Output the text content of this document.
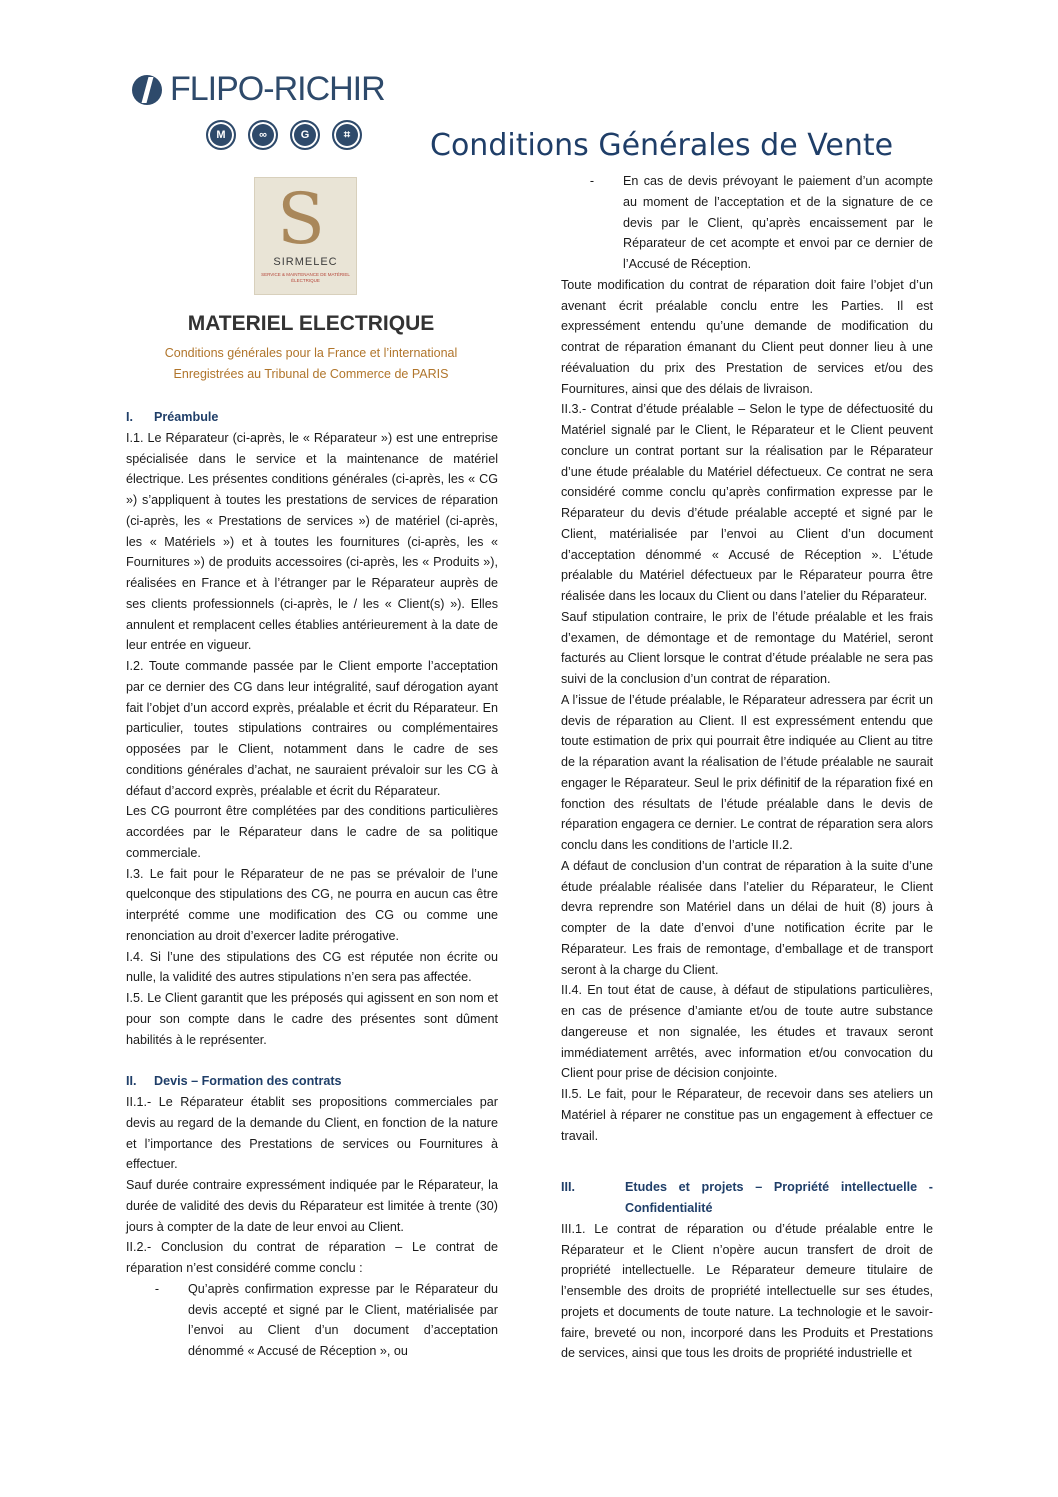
FLIPO-RICHIR
M	∞	G	⌗	Conditions Générales de Vente
S
SIRMELEC
SERVICE & MAINTENANCE DE MATÉRIEL ÉLECTRIQUE
MATERIEL ELECTRIQUE
Conditions générales pour la France et l’international
Enregistrées au Tribunal de Commerce de PARIS
I.	Préambule

I.1. Le Réparateur (ci-après, le « Réparateur ») est une entreprise spécialisée dans le service et la maintenance de matériel électrique. Les présentes conditions générales (ci-après, les « CG ») s’appliquent à toutes les prestations de services de réparation (ci-après, les « Prestations de services ») de matériel (ci-après, les « Matériels ») et à toutes les fournitures (ci-après, les « Fournitures ») de produits accessoires (ci-après, les « Produits »), réalisées en France et à l’étranger par le Réparateur auprès de ses clients professionnels (ci-après, le / les « Client(s) »). Elles annulent et remplacent celles établies antérieurement à la date de leur entrée en vigueur.

I.2. Toute commande passée par le Client emporte l’acceptation par ce dernier des CG dans leur intégralité, sauf dérogation ayant fait l’objet d’un accord exprès, préalable et écrit du Réparateur. En particulier, toutes stipulations contraires ou complémentaires opposées par le Client, notamment dans le cadre de ses conditions générales d’achat, ne sauraient prévaloir sur les CG à défaut d’accord exprès, préalable et écrit du Réparateur.

Les CG pourront être complétées par des conditions particulières accordées par le Réparateur dans le cadre de sa politique commerciale.

I.3. Le fait pour le Réparateur de ne pas se prévaloir de l’une quelconque des stipulations des CG, ne pourra en aucun cas être interprété comme une modification des CG ou comme une renonciation au droit d’exercer ladite prérogative.

I.4. Si l’une des stipulations des CG est réputée non écrite ou nulle, la validité des autres stipulations n’en sera pas affectée.

I.5. Le Client garantit que les préposés qui agissent en son nom et pour son compte dans le cadre des présentes sont dûment habilités à le représenter.

II.	Devis – Formation des contrats

II.1.- Le Réparateur établit ses propositions commerciales par devis au regard de la demande du Client, en fonction de la nature et l’importance des Prestations de services ou Fournitures à effectuer.

Sauf durée contraire expressément indiquée par le Réparateur, la durée de validité des devis du Réparateur est limitée à trente (30) jours à compter de la date de leur envoi au Client.

II.2.- Conclusion du contrat de réparation – Le contrat de réparation n’est considéré comme conclu :

-	Qu’après confirmation expresse par le Réparateur du devis accepté et signé par le Client, matérialisée par l’envoi au Client d’un document d’acceptation dénommé « Accusé de Réception », ou
-	En cas de devis prévoyant le paiement d’un acompte au moment de l’acceptation et de la signature de ce devis par le Client, qu’après encaissement par le Réparateur de cet acompte et envoi par ce dernier de l’Accusé de Réception.

Toute modification du contrat de réparation doit faire l’objet d’un avenant écrit préalable conclu entre les Parties. Il est expressément entendu qu’une demande de modification du contrat de réparation émanant du Client peut donner lieu à une réévaluation du prix des Prestation de services et/ou des Fournitures, ainsi que des délais de livraison.

II.3.- Contrat d’étude préalable – Selon le type de défectuosité du Matériel signalé par le Client, le Réparateur et le Client peuvent conclure un contrat portant sur la réalisation par le Réparateur d’une étude préalable du Matériel défectueux. Ce contrat ne sera considéré comme conclu qu’après confirmation expresse par le Réparateur du devis d’étude préalable accepté et signé par le Client, matérialisée par l’envoi au Client d’un document d’acceptation dénommé « Accusé de Réception ». L’étude préalable du Matériel défectueux par le Réparateur pourra être réalisée dans les locaux du Client ou dans l’atelier du Réparateur.

Sauf stipulation contraire, le prix de l’étude préalable et les frais d’examen, de démontage et de remontage du Matériel, seront facturés au Client lorsque le contrat d’étude préalable ne sera pas suivi de la conclusion d’un contrat de réparation.

A l’issue de l’étude préalable, le Réparateur adressera par écrit un devis de réparation au Client. Il est expressément entendu que toute estimation de prix qui pourrait être indiquée au Client au titre de la réparation avant la réalisation de l’étude préalable ne saurait engager le Réparateur. Seul le prix définitif de la réparation fixé en fonction des résultats de l’étude préalable dans le devis de réparation engagera ce dernier. Le contrat de réparation sera alors conclu dans les conditions de l’article II.2.

A défaut de conclusion d’un contrat de réparation à la suite d’une étude préalable réalisée dans l’atelier du Réparateur, le Client devra reprendre son Matériel dans un délai de huit (8) jours à compter de la date d’envoi d’une notification écrite par le Réparateur. Les frais de remontage, d’emballage et de transport seront à la charge du Client.

II.4. En tout état de cause, à défaut de stipulations particulières, en cas de présence d’amiante et/ou de toute autre substance dangereuse et non signalée, les études et travaux seront immédiatement arrêtés, avec information et/ou convocation du Client pour prise de décision conjointe.

II.5. Le fait, pour le Réparateur, de recevoir dans ses ateliers un Matériel à réparer ne constitue pas un engagement à effectuer ce travail.

III.	Etudes et projets – Propriété intellectuelle - Confidentialité

III.1. Le contrat de réparation ou d’étude préalable entre le Réparateur et le Client n’opère aucun transfert de droit de propriété intellectuelle. Le Réparateur demeure titulaire de l’ensemble des droits de propriété intellectuelle sur ses études, projets et documents de toute nature. La technologie et le savoir-faire, breveté ou non, incorporé dans les Produits et Prestations de services, ainsi que tous les droits de propriété industrielle et
